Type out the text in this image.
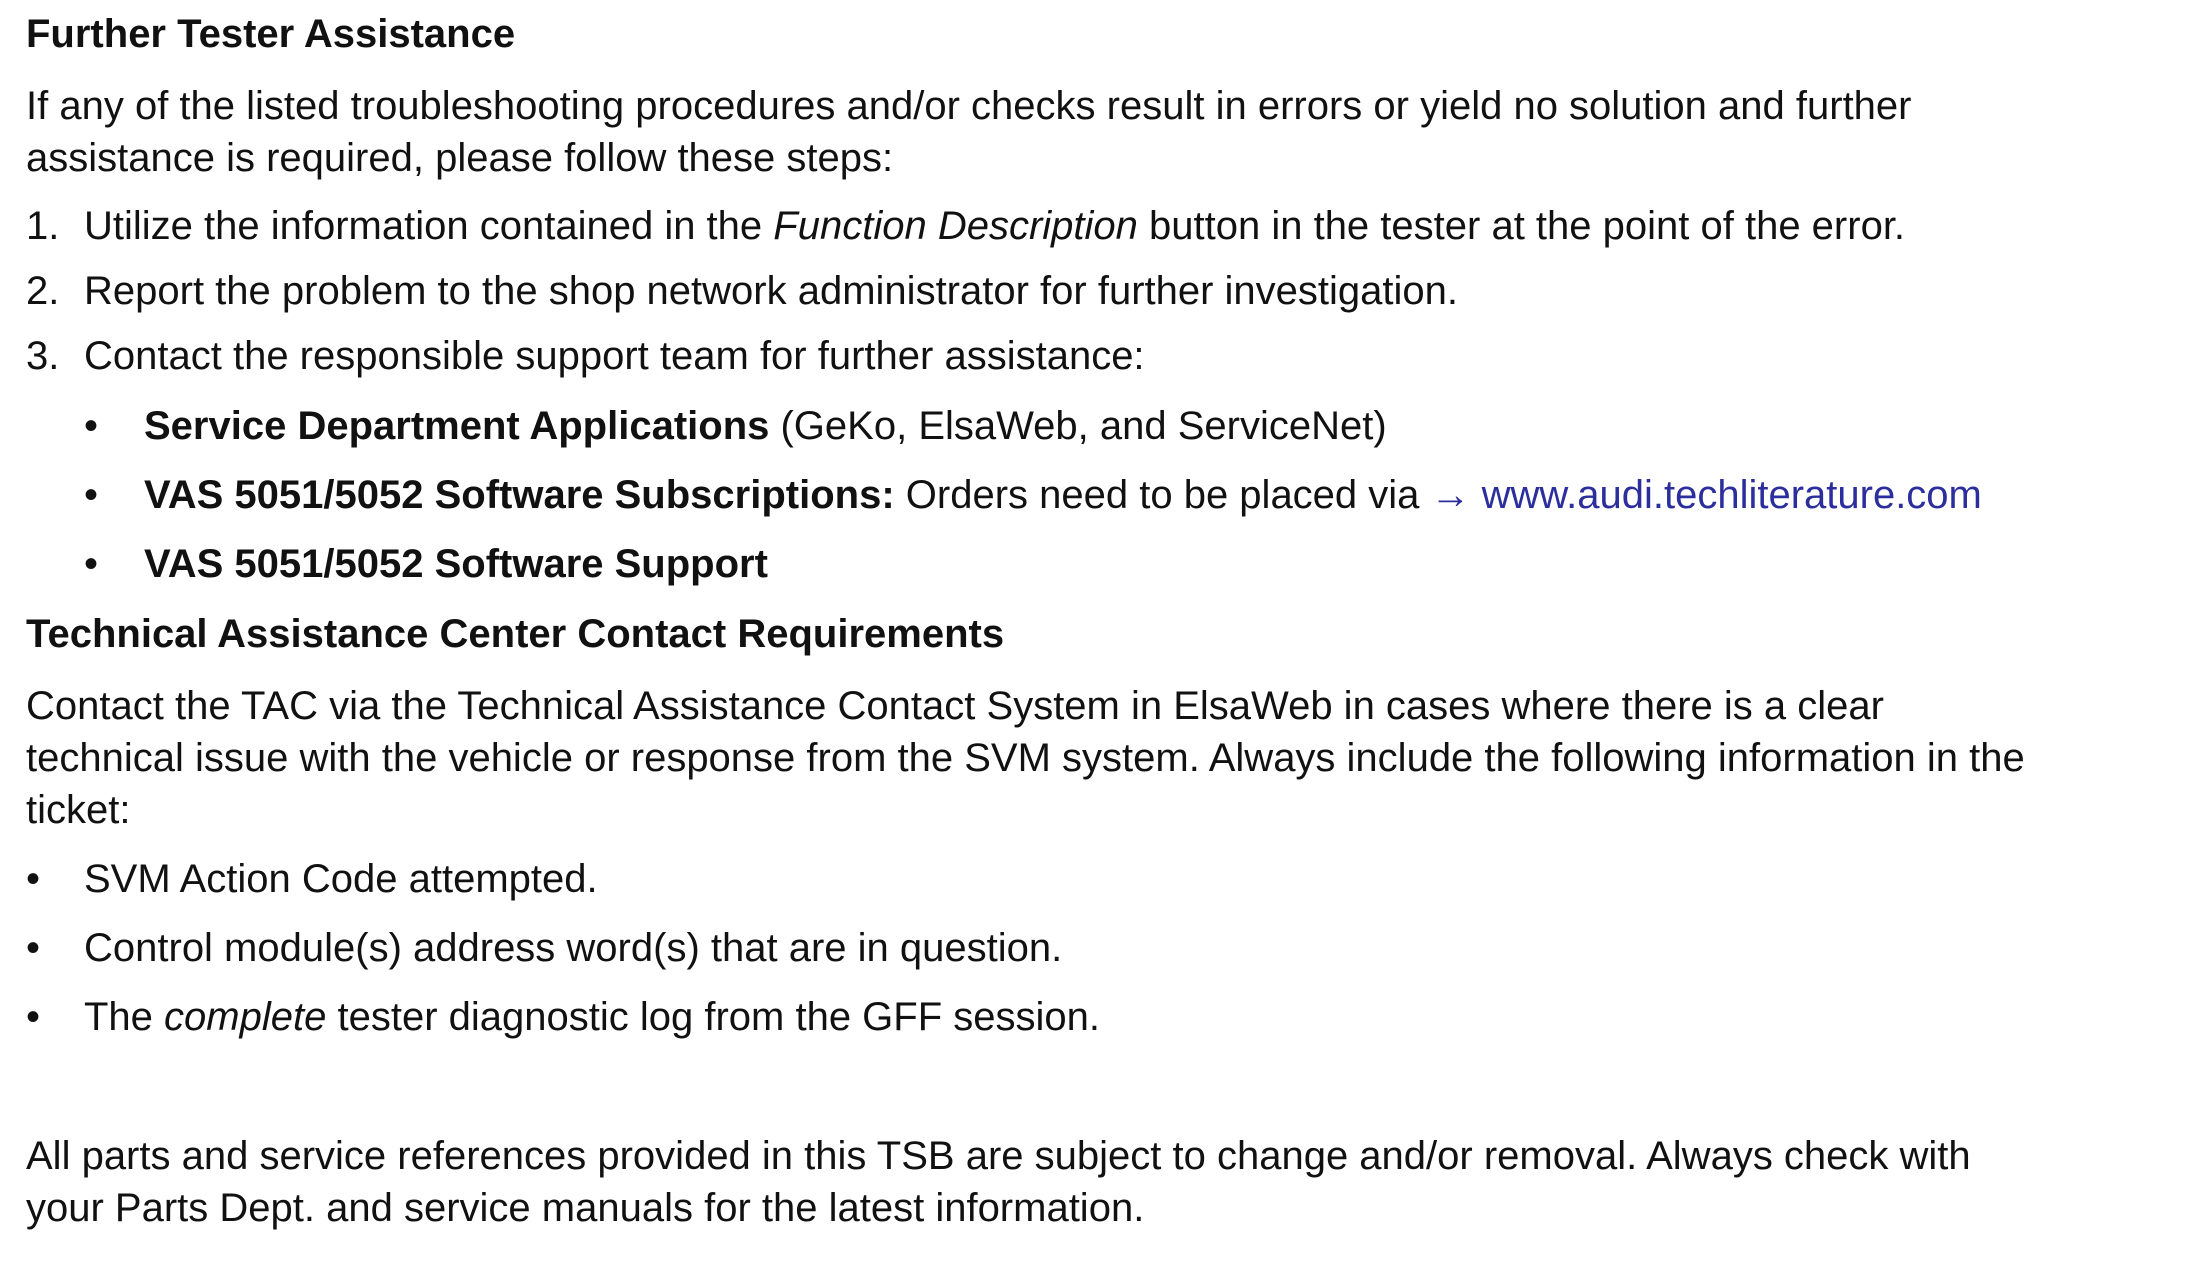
Further Tester Assistance
If any of the listed troubleshooting procedures and/or checks result in errors or yield no solution and further
assistance is required, please follow these steps:
1. Utilize the information contained in the Function Description button in the tester at the point of the error.
2. Report the problem to the shop network administrator for further investigation.
3. Contact the responsible support team for further assistance:
• Service Department Applications (GeKo, ElsaWeb, and ServiceNet)
• VAS 5051/5052 Software Subscriptions: Orders need to be placed via → www.audi.techliterature.com
• VAS 5051/5052 Software Support
Technical Assistance Center Contact Requirements
Contact the TAC via the Technical Assistance Contact System in ElsaWeb in cases where there is a clear
technical issue with the vehicle or response from the SVM system. Always include the following information in the
ticket:
• SVM Action Code attempted.
• Control module(s) address word(s) that are in question.
• The complete tester diagnostic log from the GFF session.
All parts and service references provided in this TSB are subject to change and/or removal. Always check with
your Parts Dept. and service manuals for the latest information.
